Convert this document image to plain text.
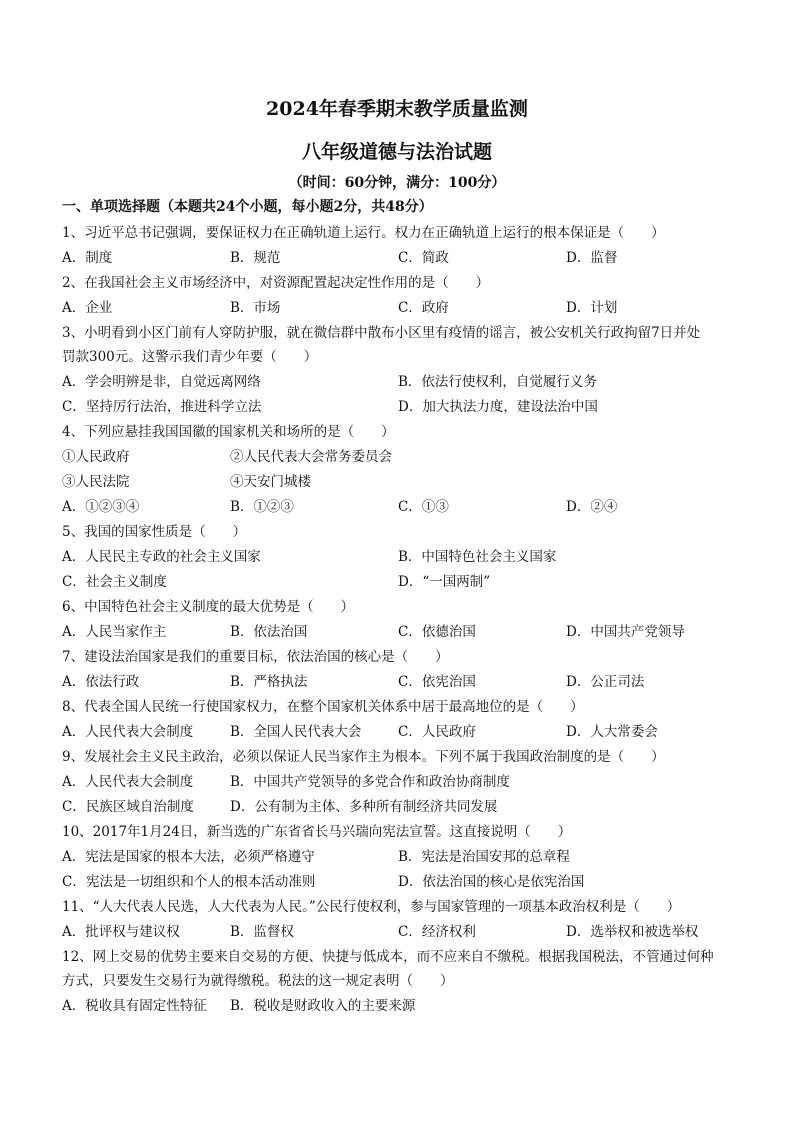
2024年春季期末教学质量监测
八年级道德与法治试题
（时间：60分钟，满分：100分）
一、单项选择题（本题共24个小题，每小题2分，共48分）
1、习近平总书记强调，要保证权力在正确轨道上运行。权力在正确轨道上运行的根本保证是（　　）
A．制度	B．规范	C．简政	D．监督
2、在我国社会主义市场经济中，对资源配置起决定性作用的是（　　）
A．企业	B．市场	C．政府	D．计划
3、小明看到小区门前有人穿防护服，就在微信群中散布小区里有疫情的谣言，被公安机关行政拘留7日并处
罚款300元。这警示我们青少年要（　　）
A．学会明辨是非，自觉远离网络	B．依法行使权利，自觉履行义务
C．坚持厉行法治，推进科学立法	D．加大执法力度，建设法治中国
4、下列应悬挂我国国徽的国家机关和场所的是（　　）
①人民政府	②人民代表大会常务委员会
③人民法院	④天安门城楼
A．①②③④	B．①②③	C．①③	D．②④
5、我国的国家性质是（　　）
A．人民民主专政的社会主义国家	B．中国特色社会主义国家
C．社会主义制度	D．“一国两制”
6、中国特色社会主义制度的最大优势是（　　）
A．人民当家作主	B．依法治国	C．依德治国	D．中国共产党领导
7、建设法治国家是我们的重要目标，依法治国的核心是（　　）
A．依法行政	B．严格执法	C．依宪治国	D．公正司法
8、代表全国人民统一行使国家权力，在整个国家机关体系中居于最高地位的是（　　）
A．人民代表大会制度	B．全国人民代表大会	C．人民政府	D．人大常委会
9、发展社会主义民主政治，必须以保证人民当家作主为根本。下列不属于我国政治制度的是（　　）
A．人民代表大会制度	B．中国共产党领导的多党合作和政治协商制度
C．民族区域自治制度	D．公有制为主体、多种所有制经济共同发展
10、2017年1月24日，新当选的广东省省长马兴瑞向宪法宣誓。这直接说明（　　）
A．宪法是国家的根本大法，必须严格遵守	B．宪法是治国安邦的总章程
C．宪法是一切组织和个人的根本活动准则	D．依法治国的核心是依宪治国
11、“人大代表人民选，人大代表为人民。”公民行使权利，参与国家管理的一项基本政治权利是（　　）
A．批评权与建议权	B．监督权	C．经济权利	D．选举权和被选举权
12、网上交易的优势主要来自交易的方便、快捷与低成本，而不应来自不缴税。根据我国税法，不管通过何种
方式，只要发生交易行为就得缴税。税法的这一规定表明（　　）
A．税收具有固定性特征 B．税收是财政收入的主要来源
